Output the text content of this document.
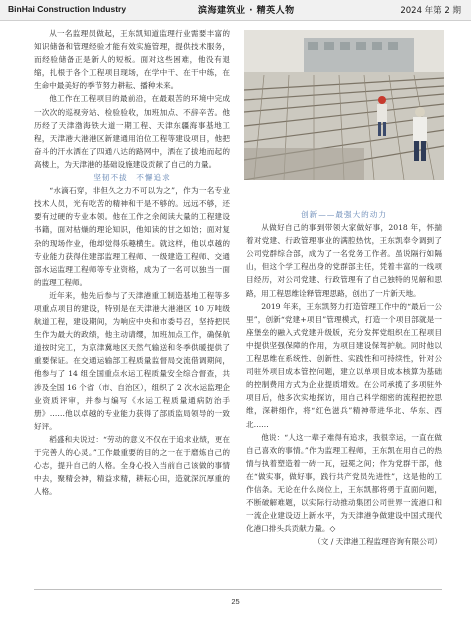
BinHai Construction Industry	滨海建筑业 · 精英人物	2024 年第 2 期

从一名监理员做起，王东凯知道监理行业需要丰富的知识储备和管理经验才能有效实施管理，提供技术服务，而经验储备正是新人的短板。面对这些困难，他没有退缩，扎根于各个工程项目现场，在学中干、在干中练，在生命中最美好的季节努力耕耘、播种未来。

他工作在工程项目的最前沿，在最艰苦的环境中完成一次次的巡视旁站、检验验收，加班加点、不辞辛苦。他历经了天津渤海铁大道一期工程、天津东疆海事基地工程，天津港大港港区新建通用泊位工程等建设项目，他把奋斗的汗水洒在了四通八达的路网中，洒在了拔地而起的高楼上，为天津港的基础设施建设贡献了自己的力量。

坚韧不拔　不懈追求

“水滴石穿，非但久之力不可以为之”，作为一名专业技术人员，光有吃苦的精神和干是不够的。远远不够，还要有过硬的专业本领。他在工作之余阅读大量的工程建设书籍，面对枯燥的理论知识，他知读的甘之如饴；面对复杂的现场作业，他却觉得乐趣横生。就这样，他以卓越的专业能力获得住建部监理工程师、一级建造工程师、交通部水运监理工程师等专业资格，成为了一名可以独当一面的监理工程师。

近年来，他先后参与了天津港重工制造基地工程等多项重点项目的建设，特别是在天津港大港港区 10 万吨级航道工程，建设期间，为响应中央和市委号召，坚持把民生作为最大的政绩，他主动请缨，加班加点工作，确保航道按时完工，为京津冀地区天然气输送和冬季供暖提供了重要保证。在交通运输部工程质量监督局交流借调期间，他参与了 14 组全国重点水运工程质量安全综合督查，共涉及全国 16 个省（市、自治区），组织了 2 次水运监理企业资质评审，并参与编写《水运工程质量通病防治手册》……他以卓越的专业能力获得了部质监局领导的一致好评。

稻盛和夫说过：“劳动的意义不仅在于追求业绩，更在于完善人的心灵。”工作最重要的目的之一在于磨炼自己的心志，提升自己的人格。全身心投入当前自己该做的事情中去，聚精会神，精益求精，耕耘心田，造就深沉厚重的人格。

创新——最强大的动力

从做好自己的事到带领大家做好事，2018 年，怀揣着对党建、行政管理事业的满腔热忱，王东凯奉令调到了公司党群综合部，成为了一名党务工作者。虽说隔行如隔山，但这个学工程出身的党群部主任，凭着丰富的一线项目经历，对公司党建、行政管理有了自己独特的见解和思路，用工程思维诠释管理思路，创出了一片新天地。

2019 年来，王东凯努力打造管理工作中的“最后一公里”，创新“党建+项目”管理模式，打造一个项目部就是一座堡垒的融入式党建升级版，充分发挥党组织在工程项目中提供坚强保障的作用，为项目建设保驾护航。同时他以工程思维在系统性、创新性、实践性和可持续性，针对公司驻外项目成本管控问题，建立以单项目成本核算为基础的控制费用方式为企业提质增效。在公司承揽了多项驻外项目后，他多次实地探访，用自己科学细密的流程把控思维，深耕细作，将“红色滋兵”精神带进华北、华东、西北……

他说：“人这一辈子难得有追求，我很幸运，一直在做自己喜欢的事情。”作为监理工程师，王东凯在用自己的热情与执着塑造着一砖一瓦，冠冕之间；作为党群干部，他在“做实事，做好事，践行共产党员先进性”，这是他的工作信条。无论在什么岗位上，王东凯都将勇于直面问题，不断破解难题，以实际行动推动集团公司世界一流港口和一流企业建设迈上新水平，为天津港争做建设中国式现代化港口排头兵贡献力量。◇

（文 / 天津港工程监理咨询有限公司）

25
